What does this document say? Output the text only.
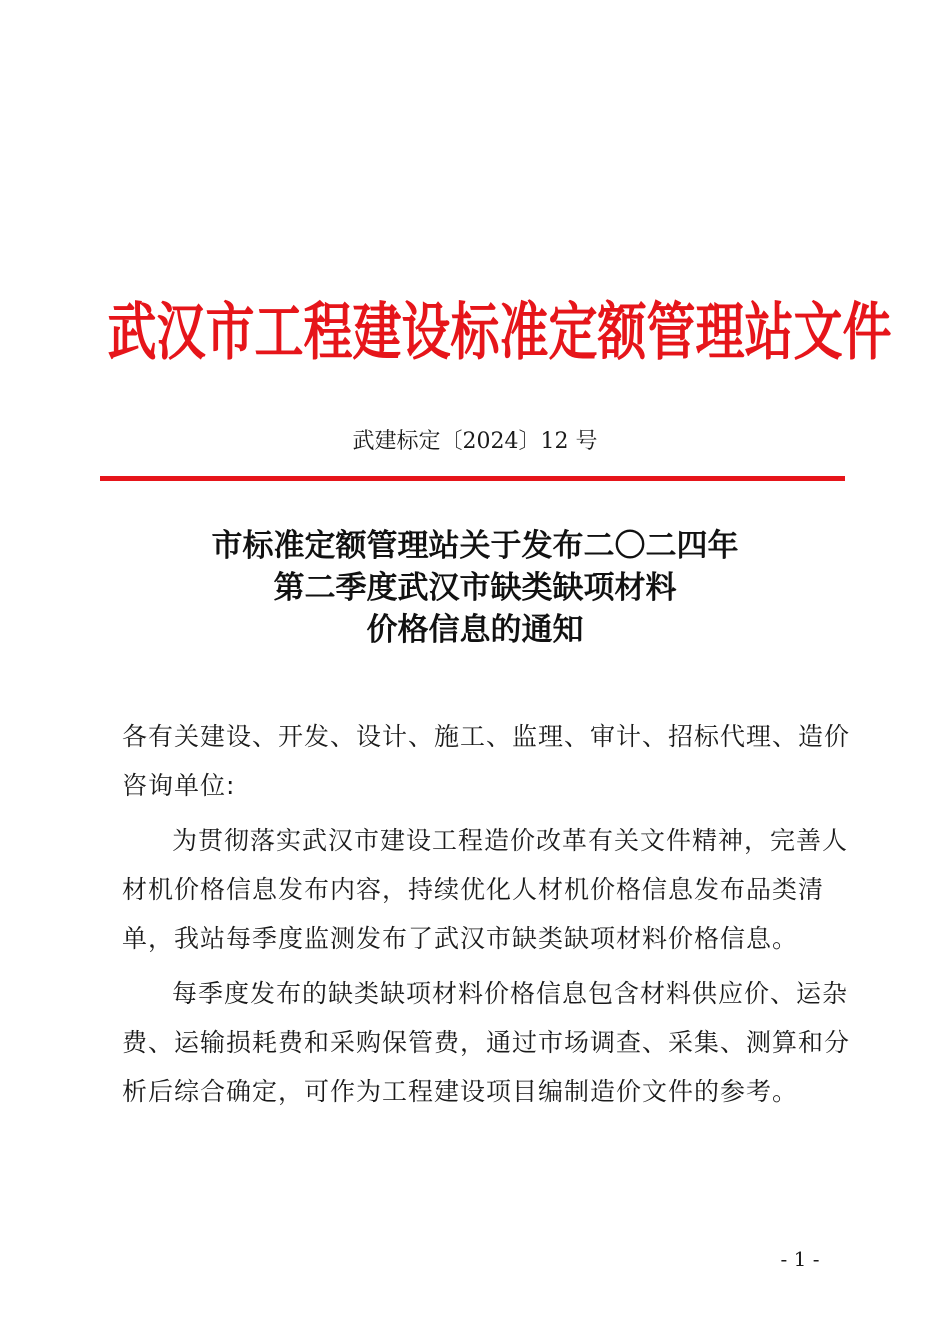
武汉市工程建设标准定额管理站文件
武建标定〔2024〕12 号
市标准定额管理站关于发布二〇二四年
第二季度武汉市缺类缺项材料
价格信息的通知
各有关建设、开发、设计、施工、监理、审计、招标代理、造价
咨询单位:
为贯彻落实武汉市建设工程造价改革有关文件精神，完善人
材机价格信息发布内容，持续优化人材机价格信息发布品类清
单，我站每季度监测发布了武汉市缺类缺项材料价格信息。
每季度发布的缺类缺项材料价格信息包含材料供应价、运杂
费、运输损耗费和采购保管费，通过市场调查、采集、测算和分
析后综合确定，可作为工程建设项目编制造价文件的参考。
- 1 -
